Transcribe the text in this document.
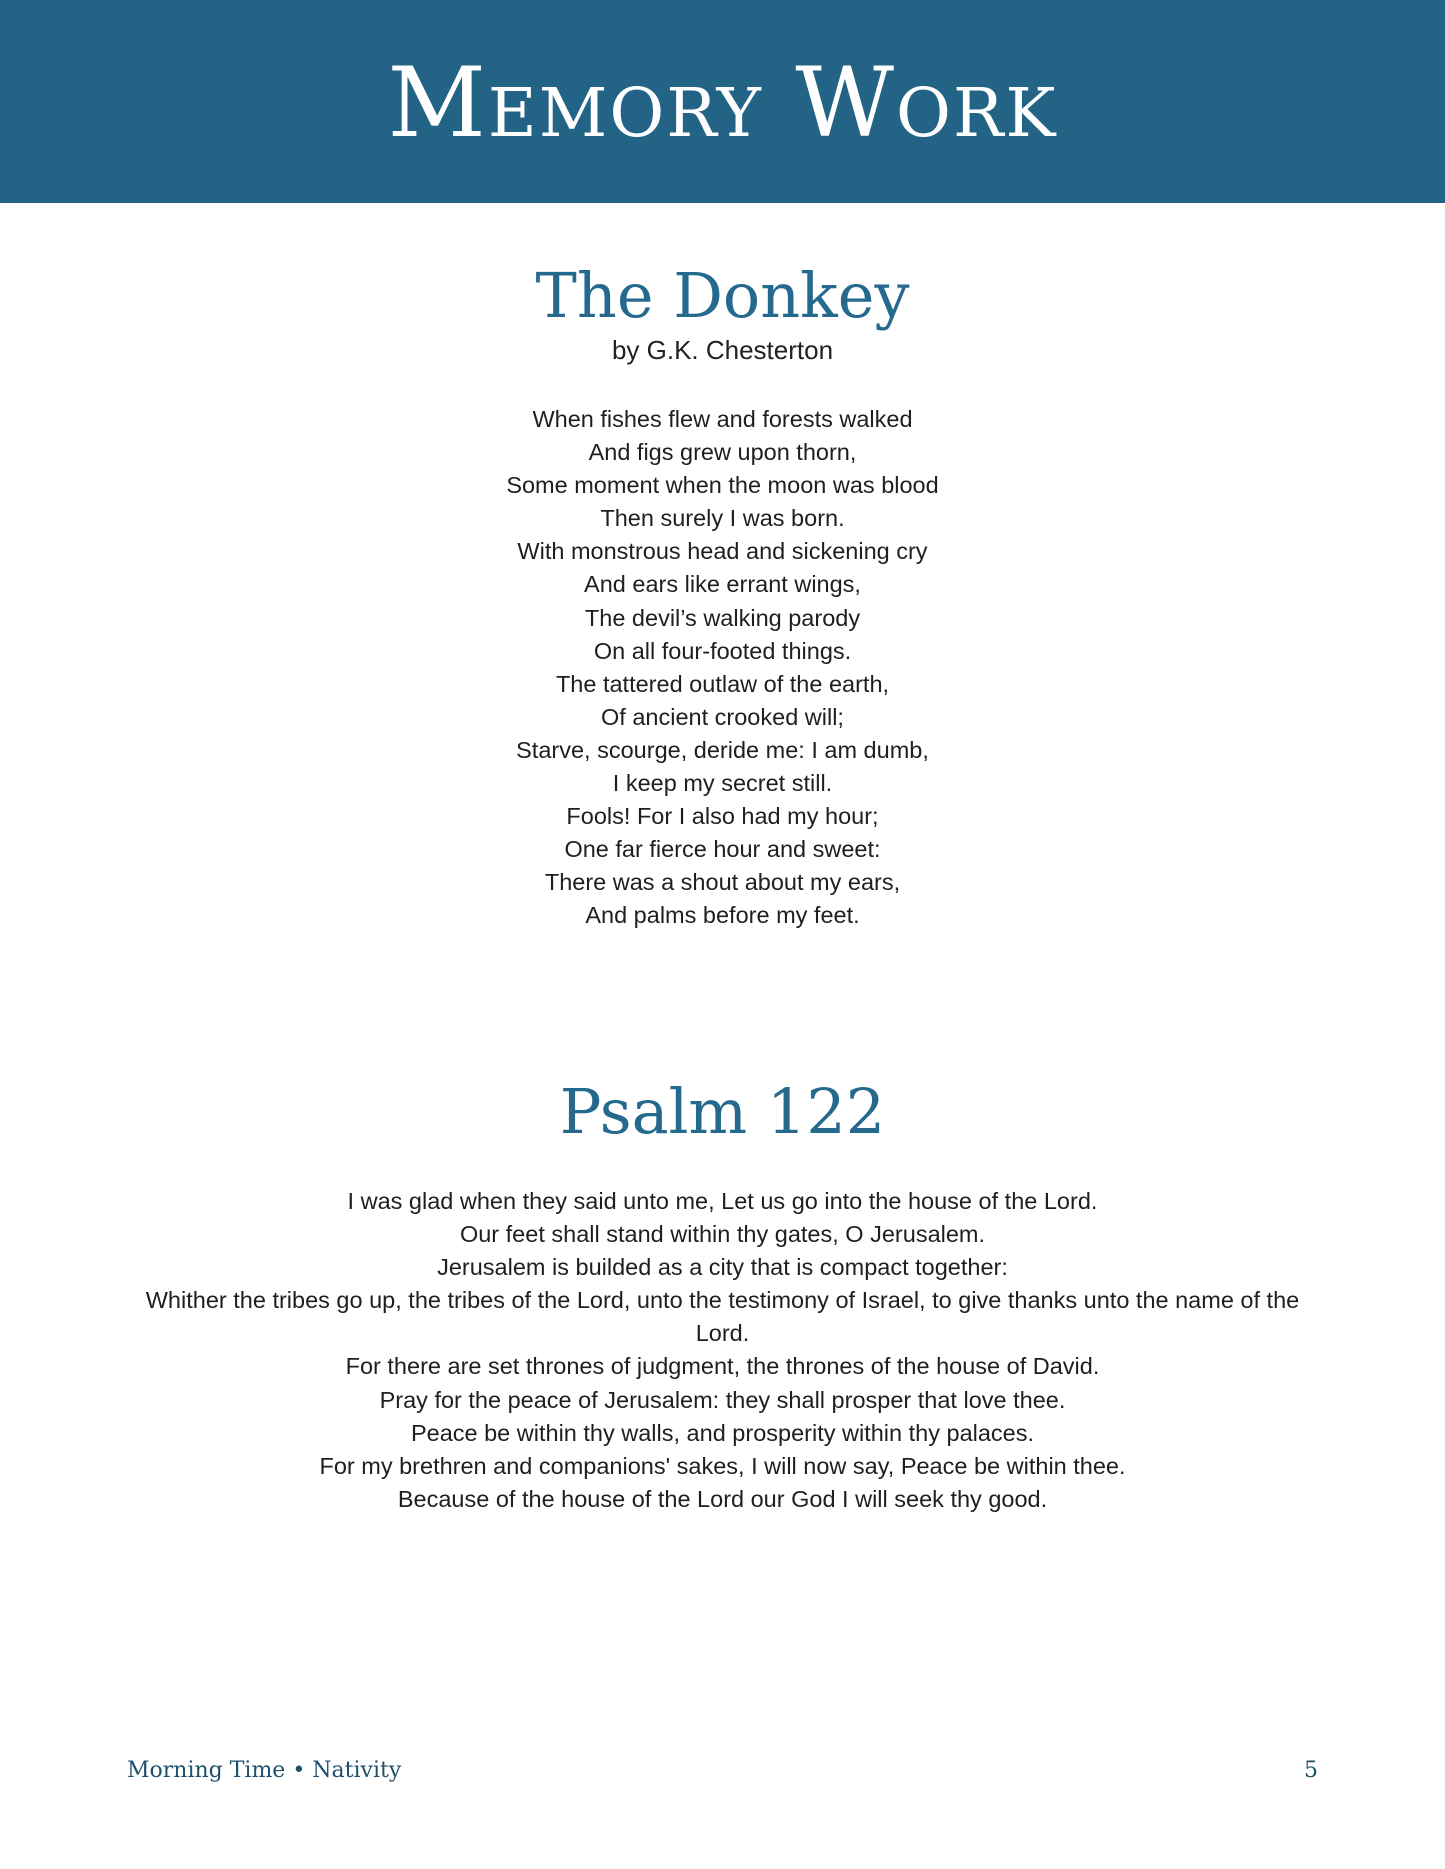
Memory Work
The Donkey
by G.K. Chesterton
When fishes flew and forests walked
And figs grew upon thorn,
Some moment when the moon was blood
Then surely I was born.
With monstrous head and sickening cry
And ears like errant wings,
The devil’s walking parody
On all four-footed things.
The tattered outlaw of the earth,
Of ancient crooked will;
Starve, scourge, deride me: I am dumb,
I keep my secret still.
Fools! For I also had my hour;
One far fierce hour and sweet:
There was a shout about my ears,
And palms before my feet.
Psalm 122
I was glad when they said unto me, Let us go into the house of the Lord.
Our feet shall stand within thy gates, O Jerusalem.
Jerusalem is builded as a city that is compact together:
Whither the tribes go up, the tribes of the Lord, unto the testimony of Israel, to give thanks unto the name of the Lord.
For there are set thrones of judgment, the thrones of the house of David.
Pray for the peace of Jerusalem: they shall prosper that love thee.
Peace be within thy walls, and prosperity within thy palaces.
For my brethren and companions' sakes, I will now say, Peace be within thee.
Because of the house of the Lord our God I will seek thy good.
Morning Time • Nativity	5
